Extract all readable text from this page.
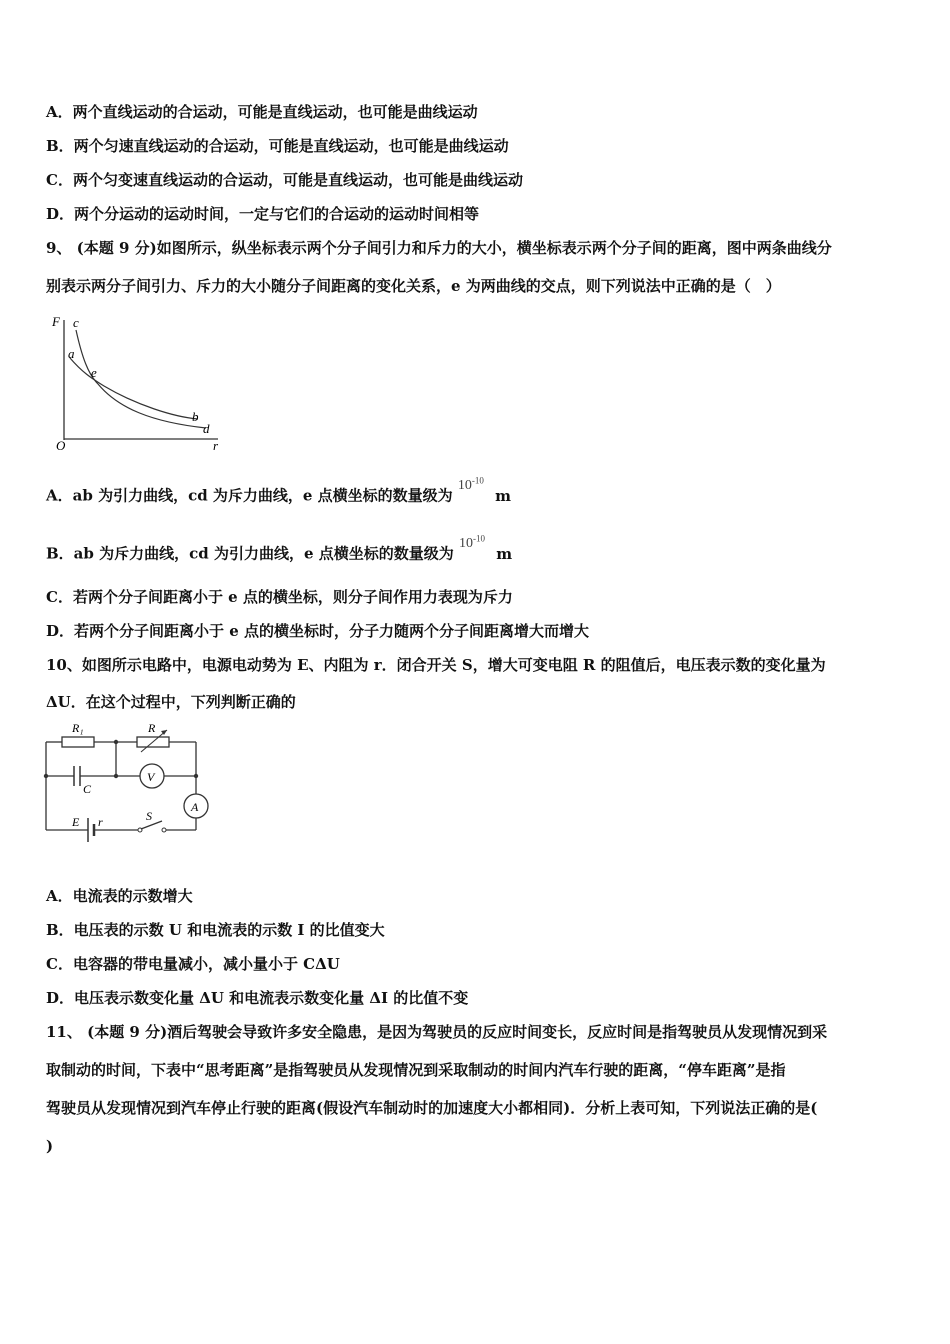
A．两个直线运动的合运动，可能是直线运动，也可能是曲线运动
B．两个匀速直线运动的合运动，可能是直线运动，也可能是曲线运动
C．两个匀变速直线运动的合运动，可能是直线运动，也可能是曲线运动
D．两个分运动的运动时间，一定与它们的合运动的运动时间相等
9、 (本题 9 分)如图所示，纵坐标表示两个分子间引力和斥力的大小，横坐标表示两个分子间的距离，图中两条曲线分
别表示两分子间引力、斥力的大小随分子间距离的变化关系，e 为两曲线的交点，则下列说法中正确的是（　）
F c
a
e
b
d
O	r
A．ab 为引力曲线，cd 为斥力曲线，e 点横坐标的数量级为 $10^{-10}$ m
B．ab 为斥力曲线，cd 为引力曲线，e 点横坐标的数量级为 $10^{-10}$ m
C．若两个分子间距离小于 e 点的横坐标，则分子间作用力表现为斥力
D．若两个分子间距离小于 e 点的横坐标时，分子力随两个分子间距离增大而增大
10、如图所示电路中，电源电动势为 E、内阻为 r．闭合开关 S，增大可变电阻 R 的阻值后，电压表示数的变化量为
ΔU．在这个过程中，下列判断正确的
R₁	R
C
V
A
E r	S
A．电流表的示数增大
B．电压表的示数 U 和电流表的示数 I 的比值变大
C．电容器的带电量减小，减小量小于 CΔU
D．电压表示数变化量 ΔU 和电流表示数变化量 ΔI 的比值不变
11、 (本题 9 分)酒后驾驶会导致许多安全隐患，是因为驾驶员的反应时间变长，反应时间是指驾驶员从发现情况到采
取制动的时间，下表中“思考距离”是指驾驶员从发现情况到采取制动的时间内汽车行驶的距离，“停车距离”是指
驾驶员从发现情况到汽车停止行驶的距离(假设汽车制动时的加速度大小都相同)．分析上表可知，下列说法正确的是(
)
